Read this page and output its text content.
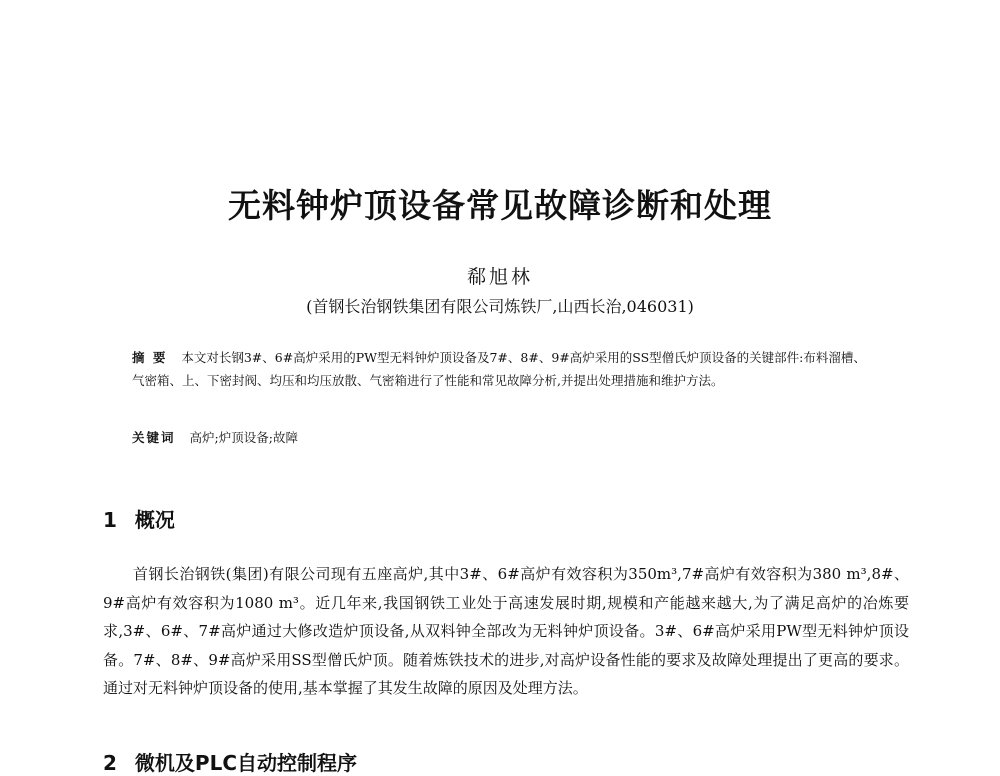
无料钟炉顶设备常见故障诊断和处理

郗旭林

(首钢长治钢铁集团有限公司炼铁厂,山西长治,046031)

摘 要 本文对长钢3#、6#高炉采用的PW型无料钟炉顶设备及7#、8#、9#高炉采用的SS型僧氏炉顶设备的关键部件:布料溜槽、气密箱、上、下密封阀、均压和均压放散、气密箱进行了性能和常见故障分析,并提出处理措施和维护方法。

关键词 高炉;炉顶设备;故障

1 概况

首钢长治钢铁(集团)有限公司现有五座高炉,其中3#、6#高炉有效容积为350m³,7#高炉有效容积为380 m³,8#、9#高炉有效容积为1080 m³。近几年来,我国钢铁工业处于高速发展时期,规模和产能越来越大,为了满足高炉的冶炼要求,3#、6#、7#高炉通过大修改造炉顶设备,从双料钟全部改为无料钟炉顶设备。3#、6#高炉采用PW型无料钟炉顶设备。7#、8#、9#高炉采用SS型僧氏炉顶。随着炼铁技术的进步,对高炉设备性能的要求及故障处理提出了更高的要求。通过对无料钟炉顶设备的使用,基本掌握了其发生故障的原因及处理方法。

2 微机及PLC自动控制程序
